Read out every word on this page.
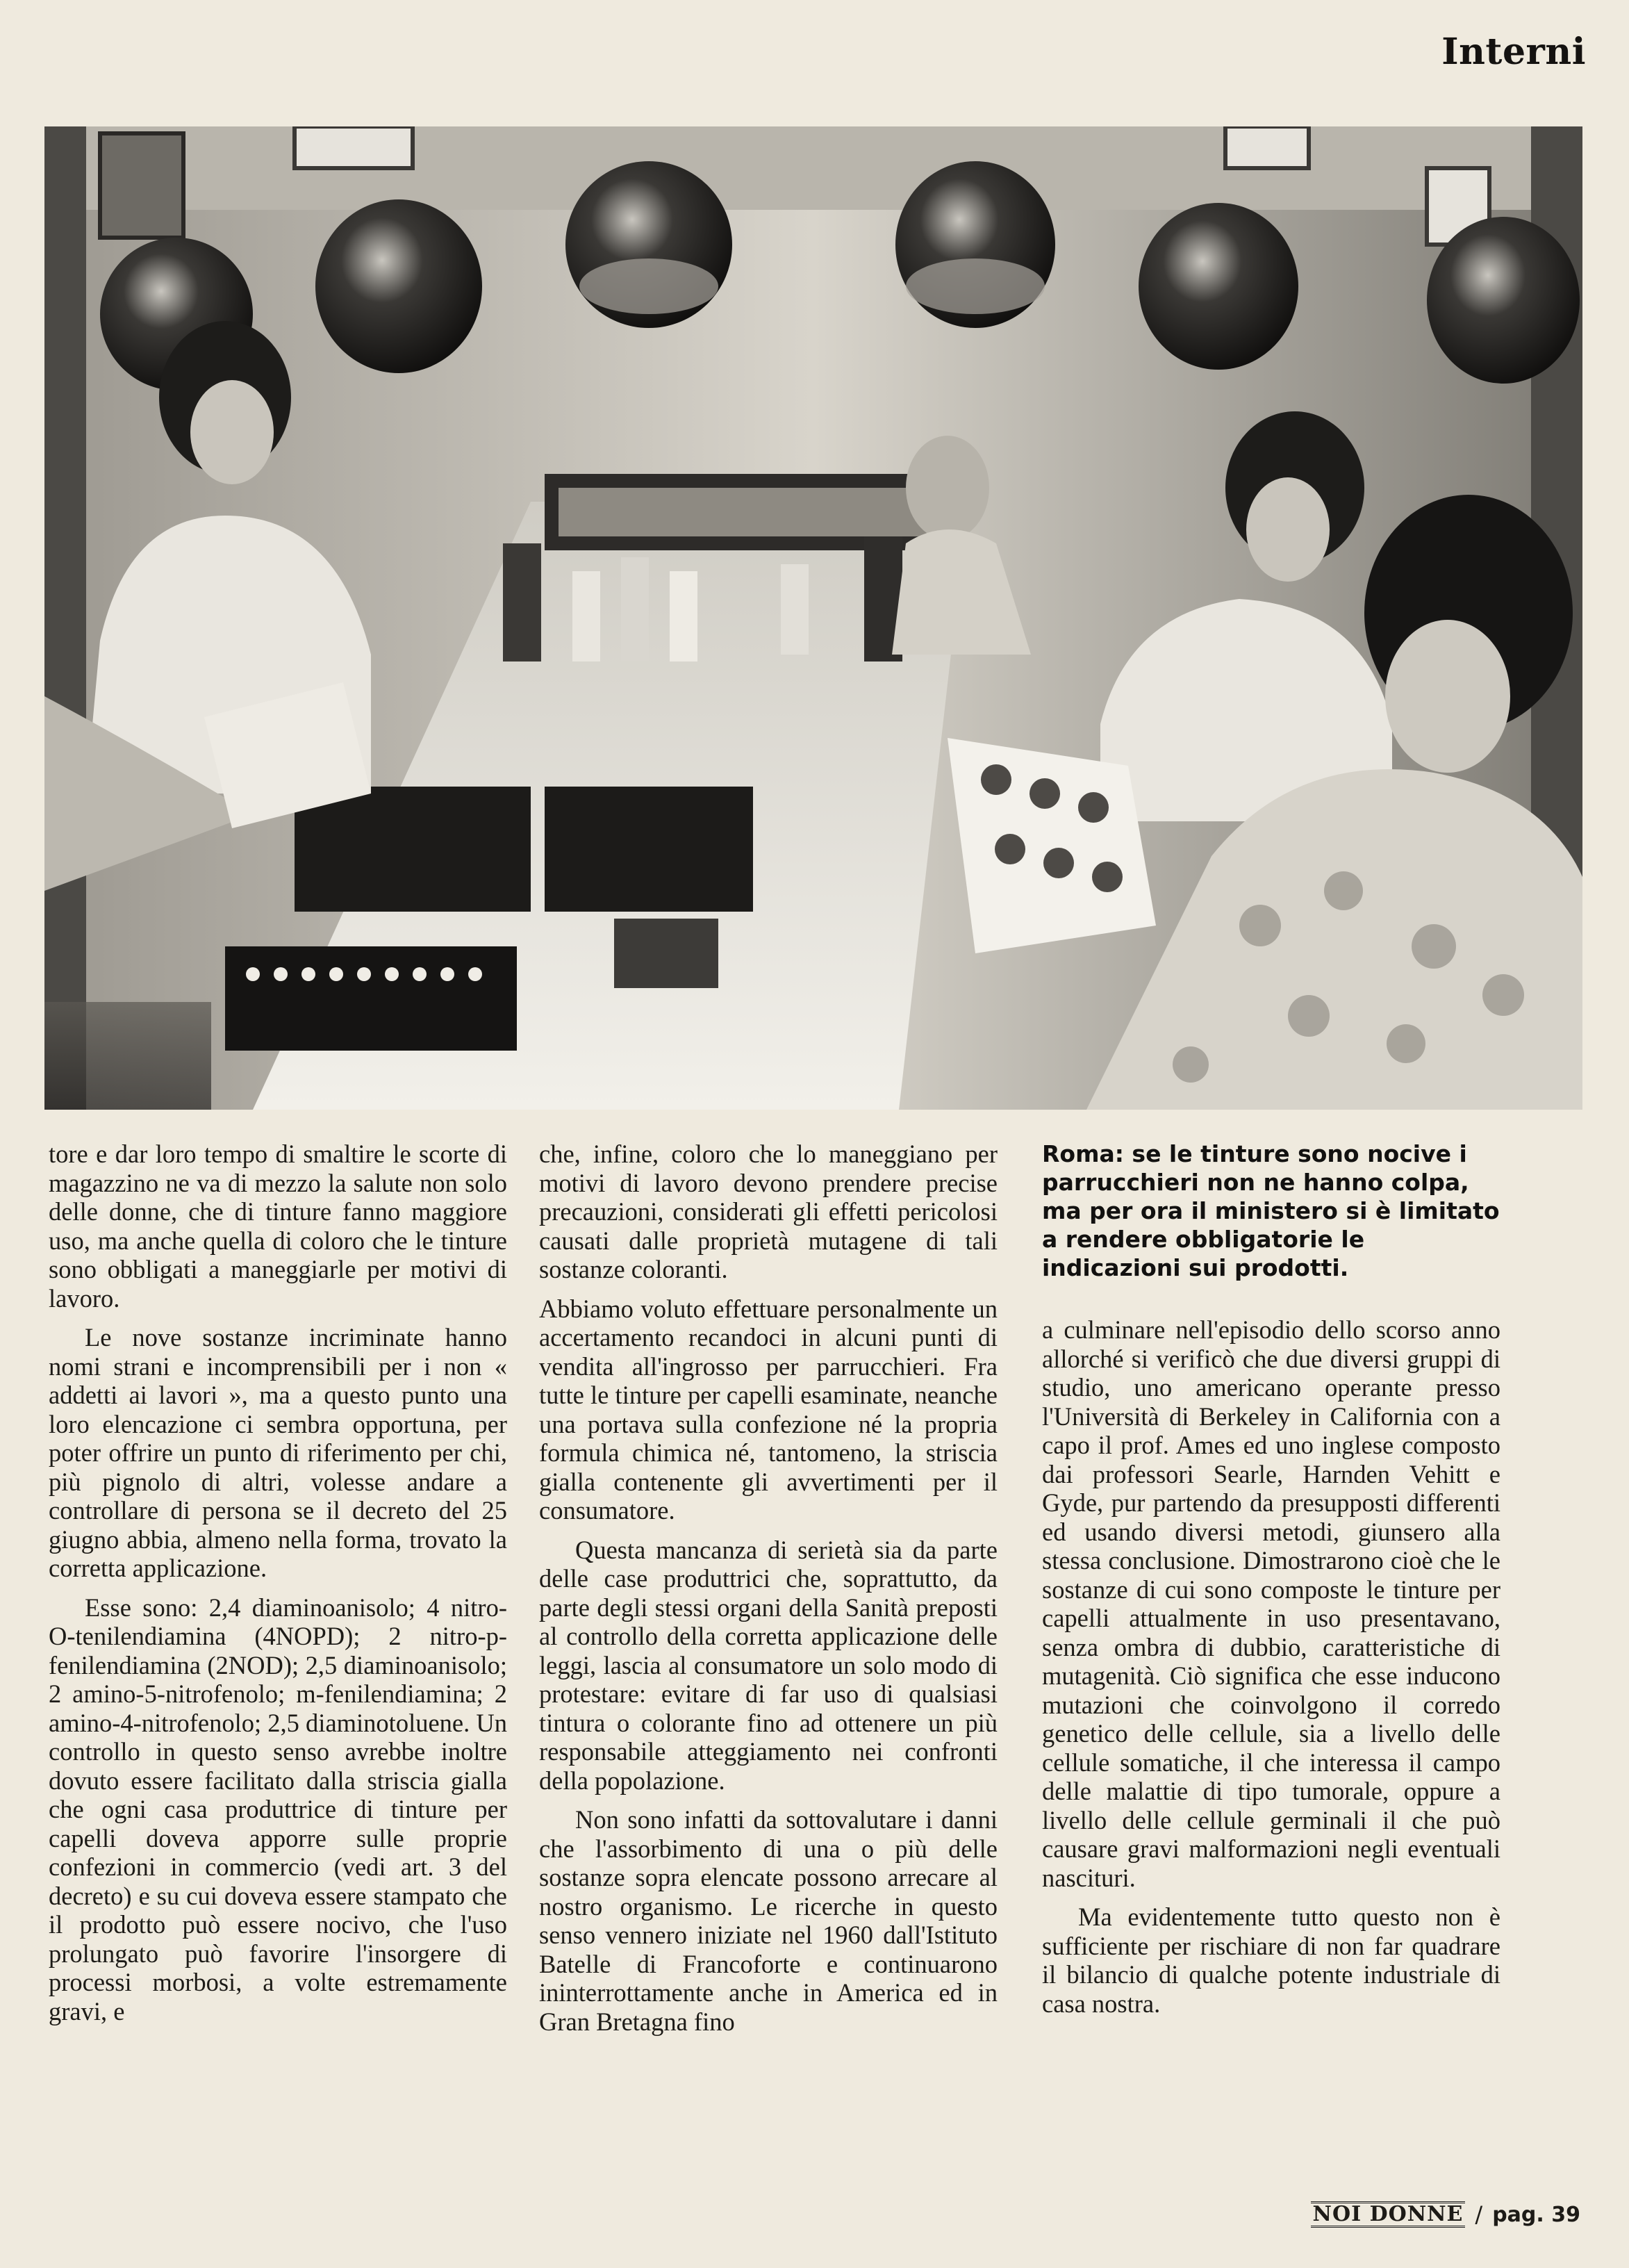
Interni

tore e dar loro tempo di smaltire le scorte di magazzino ne va di mezzo la salute non solo delle donne, che di tinture fanno maggiore uso, ma anche quella di coloro che le tinture sono obbligati a maneggiarle per motivi di lavoro.

Le nove sostanze incriminate hanno nomi strani e incomprensibili per i non « addetti ai lavori », ma a questo punto una loro elencazione ci sembra opportuna, per poter offrire un punto di riferimento per chi, più pignolo di altri, volesse andare a controllare di persona se il decreto del 25 giugno abbia, almeno nella forma, trovato la corretta applicazione.

Esse sono: 2,4 diaminoanisolo; 4 nitro-O-tenilendiamina (4NOPD); 2 nitro-p-fenilendiamina (2NOD); 2,5 diaminoanisolo; 2 amino-5-nitrofenolo; m-fenilendiamina; 2 amino-4-nitrofenolo; 2,5 diaminotoluene. Un controllo in questo senso avrebbe inoltre dovuto essere facilitato dalla striscia gialla che ogni casa produttrice di tinture per capelli doveva apporre sulle proprie confezioni in commercio (vedi art. 3 del decreto) e su cui doveva essere stampato che il prodotto può essere nocivo, che l'uso prolungato può favorire l'insorgere di processi morbosi, a volte estremamente gravi, e

che, infine, coloro che lo maneggiano per motivi di lavoro devono prendere precise precauzioni, considerati gli effetti pericolosi causati dalle proprietà mutagene di tali sostanze coloranti.

Abbiamo voluto effettuare personalmente un accertamento recandoci in alcuni punti di vendita all'ingrosso per parrucchieri. Fra tutte le tinture per capelli esaminate, neanche una portava sulla confezione né la propria formula chimica né, tantomeno, la striscia gialla contenente gli avvertimenti per il consumatore.

Questa mancanza di serietà sia da parte delle case produttrici che, soprattutto, da parte degli stessi organi della Sanità preposti al controllo della corretta applicazione delle leggi, lascia al consumatore un solo modo di protestare: evitare di far uso di qualsiasi tintura o colorante fino ad ottenere un più responsabile atteggiamento nei confronti della popolazione.

Non sono infatti da sottovalutare i danni che l'assorbimento di una o più delle sostanze sopra elencate possono arrecare al nostro organismo. Le ricerche in questo senso vennero iniziate nel 1960 dall'Istituto Batelle di Francoforte e continuarono ininterrottamente anche in America ed in Gran Bretagna fino

Roma: se le tinture sono nocive i parrucchieri non ne hanno colpa, ma per ora il ministero si è limitato a rendere obbligatorie le indicazioni sui prodotti.

a culminare nell'episodio dello scorso anno allorché si verificò che due diversi gruppi di studio, uno americano operante presso l'Università di Berkeley in California con a capo il prof. Ames ed uno inglese composto dai professori Searle, Harnden Vehitt e Gyde, pur partendo da presupposti differenti ed usando diversi metodi, giunsero alla stessa conclusione. Dimostrarono cioè che le sostanze di cui sono composte le tinture per capelli attualmente in uso presentavano, senza ombra di dubbio, caratteristiche di mutagenità. Ciò significa che esse inducono mutazioni che coinvolgono il corredo genetico delle cellule, sia a livello delle cellule somatiche, il che interessa il campo delle malattie di tipo tumorale, oppure a livello delle cellule germinali il che può causare gravi malformazioni negli eventuali nascituri.

Ma evidentemente tutto questo non è sufficiente per rischiare di non far quadrare il bilancio di qualche potente industriale di casa nostra.

NOI DONNE / pag. 39
